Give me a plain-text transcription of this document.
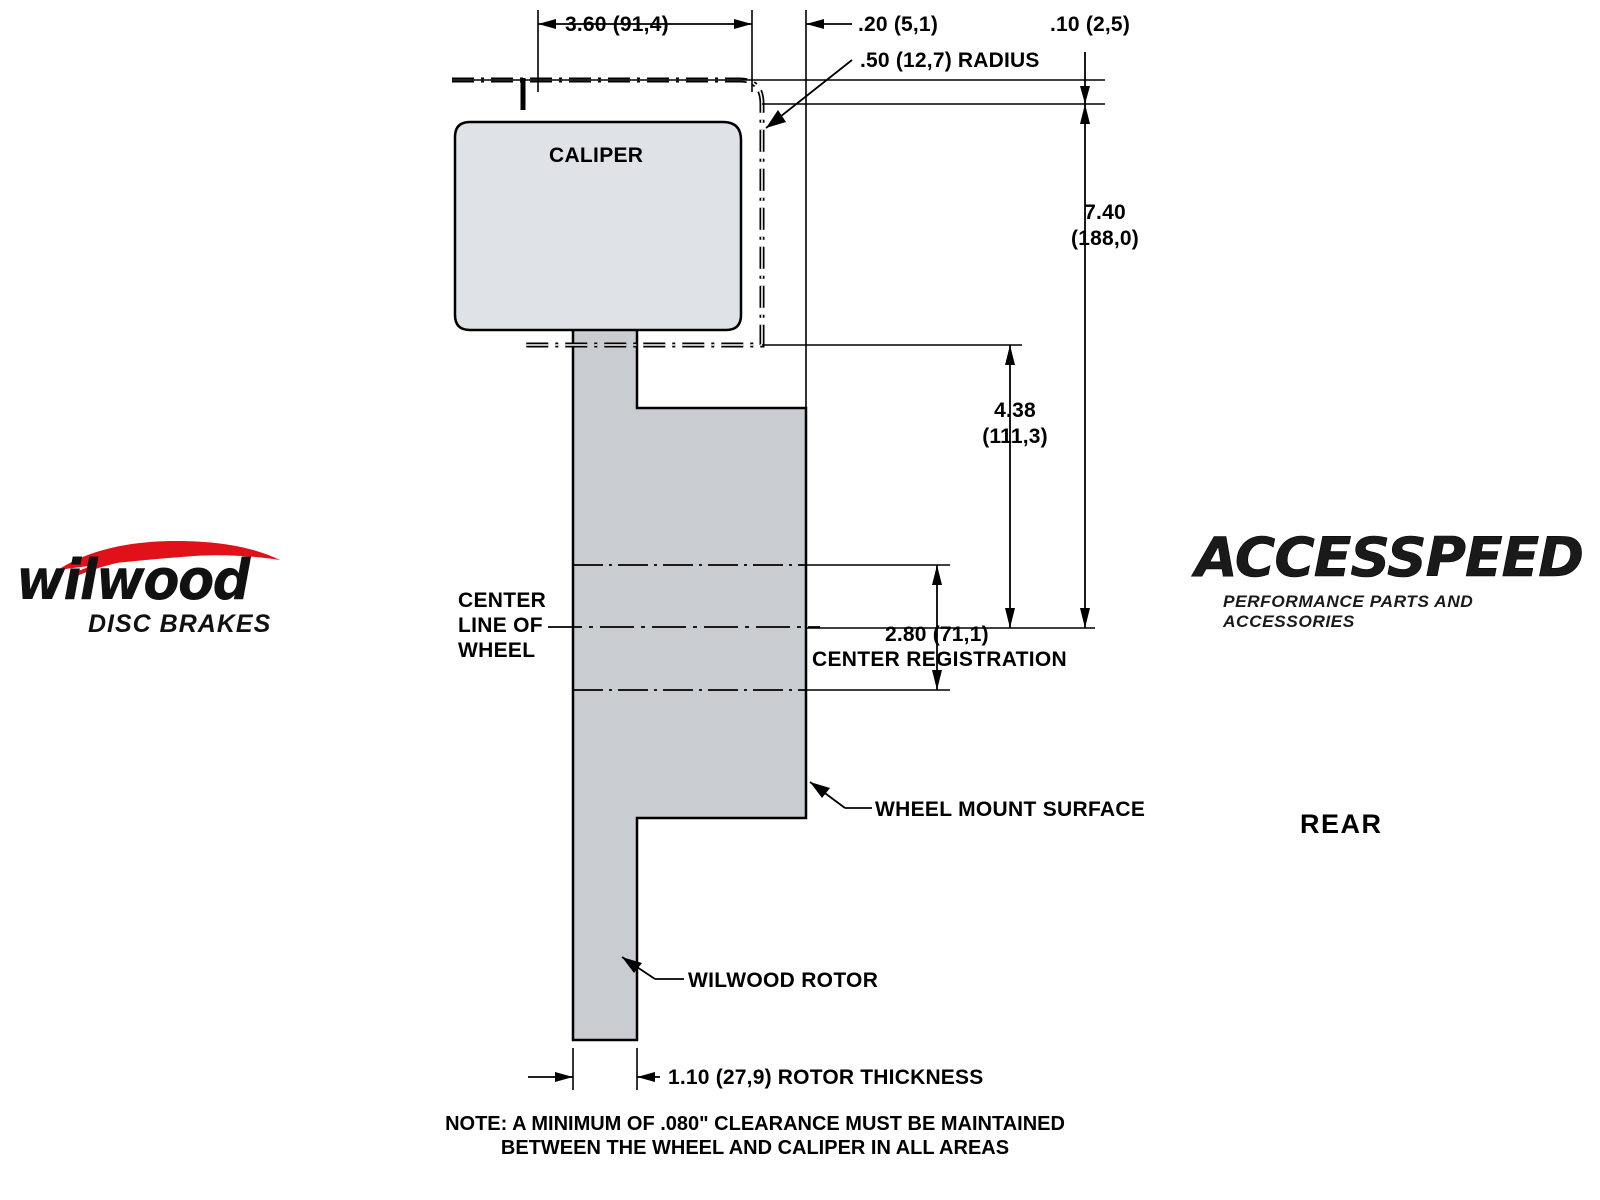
3.60 (91,4)	.20 (5,1)	.10 (2,5)
.50 (12,7) RADIUS
CALIPER
7.40
(188,0)
4.38
(111,3)
CENTER
LINE OF
WHEEL
2.80 (71,1)
CENTER REGISTRATION
WHEEL MOUNT SURFACE
WILWOOD ROTOR
1.10 (27,9) ROTOR THICKNESS
NOTE: A MINIMUM OF .080" CLEARANCE MUST BE MAINTAINED
BETWEEN THE WHEEL AND CALIPER IN ALL AREAS
wilwood
DISC BRAKES
ACCESSPEED
PERFORMANCE PARTS AND ACCESSORIES
REAR
